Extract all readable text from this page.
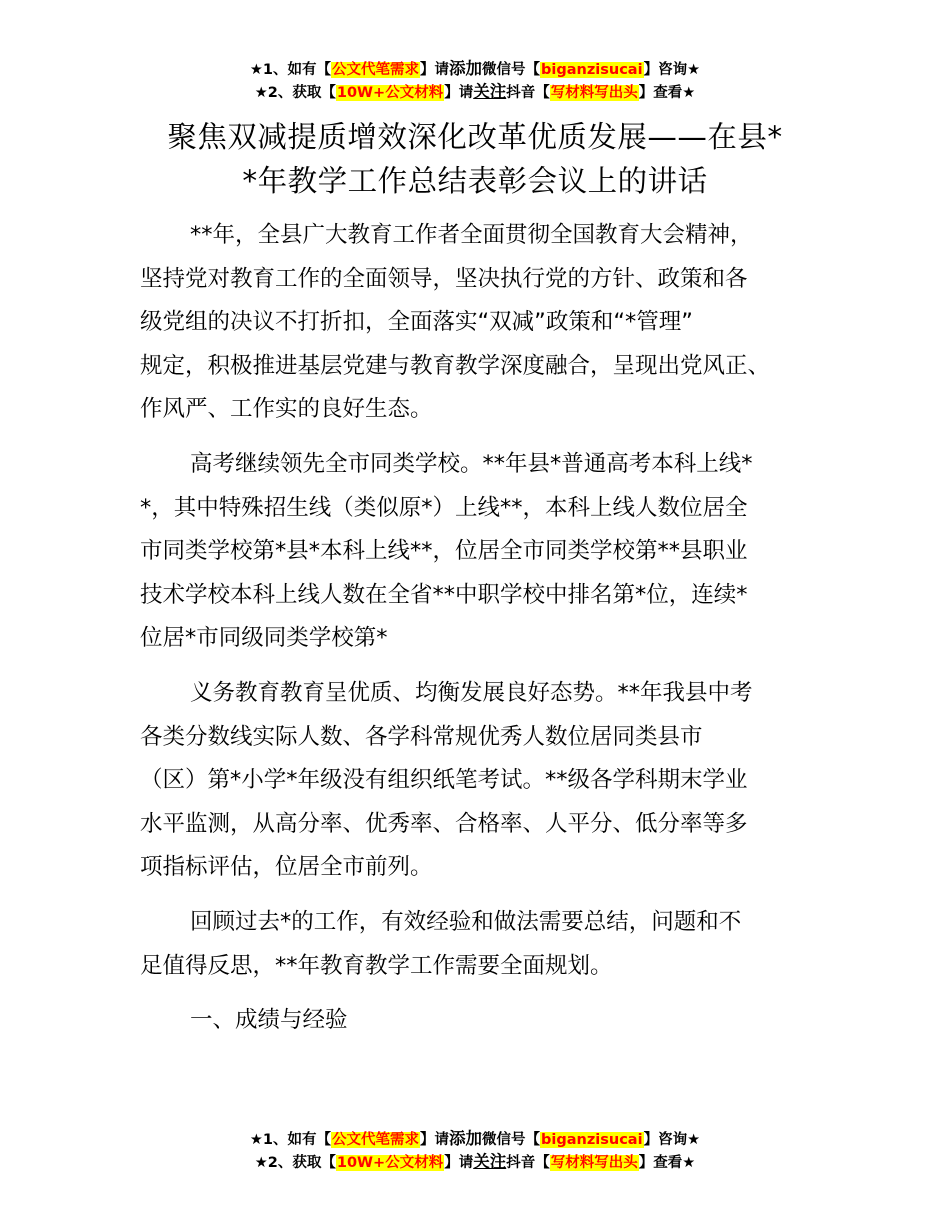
★1、如有【公文代笔需求】请添加微信号【biganzisucai】咨询★
★2、获取【10W+公文材料】请关注抖音【写材料写出头】查看★
聚焦双减提质增效深化改革优质发展——在县*
*年教学工作总结表彰会议上的讲话
**年，全县广大教育工作者全面贯彻全国教育大会精神，
坚持党对教育工作的全面领导，坚决执行党的方针、政策和各
级党组的决议不打折扣，全面落实“双减”政策和“*管理”
规定，积极推进基层党建与教育教学深度融合，呈现出党风正、
作风严、工作实的良好生态。
高考继续领先全市同类学校。**年县*普通高考本科上线*
*，其中特殊招生线（类似原*）上线**，本科上线人数位居全
市同类学校第*县*本科上线**，位居全市同类学校第**县职业
技术学校本科上线人数在全省**中职学校中排名第*位，连续*
位居*市同级同类学校第*
义务教育教育呈优质、均衡发展良好态势。**年我县中考
各类分数线实际人数、各学科常规优秀人数位居同类县市
（区）第*小学*年级没有组织纸笔考试。**级各学科期末学业
水平监测，从高分率、优秀率、合格率、人平分、低分率等多
项指标评估，位居全市前列。
回顾过去*的工作，有效经验和做法需要总结，问题和不
足值得反思，**年教育教学工作需要全面规划。
一、成绩与经验
★1、如有【公文代笔需求】请添加微信号【biganzisucai】咨询★
★2、获取【10W+公文材料】请关注抖音【写材料写出头】查看★
